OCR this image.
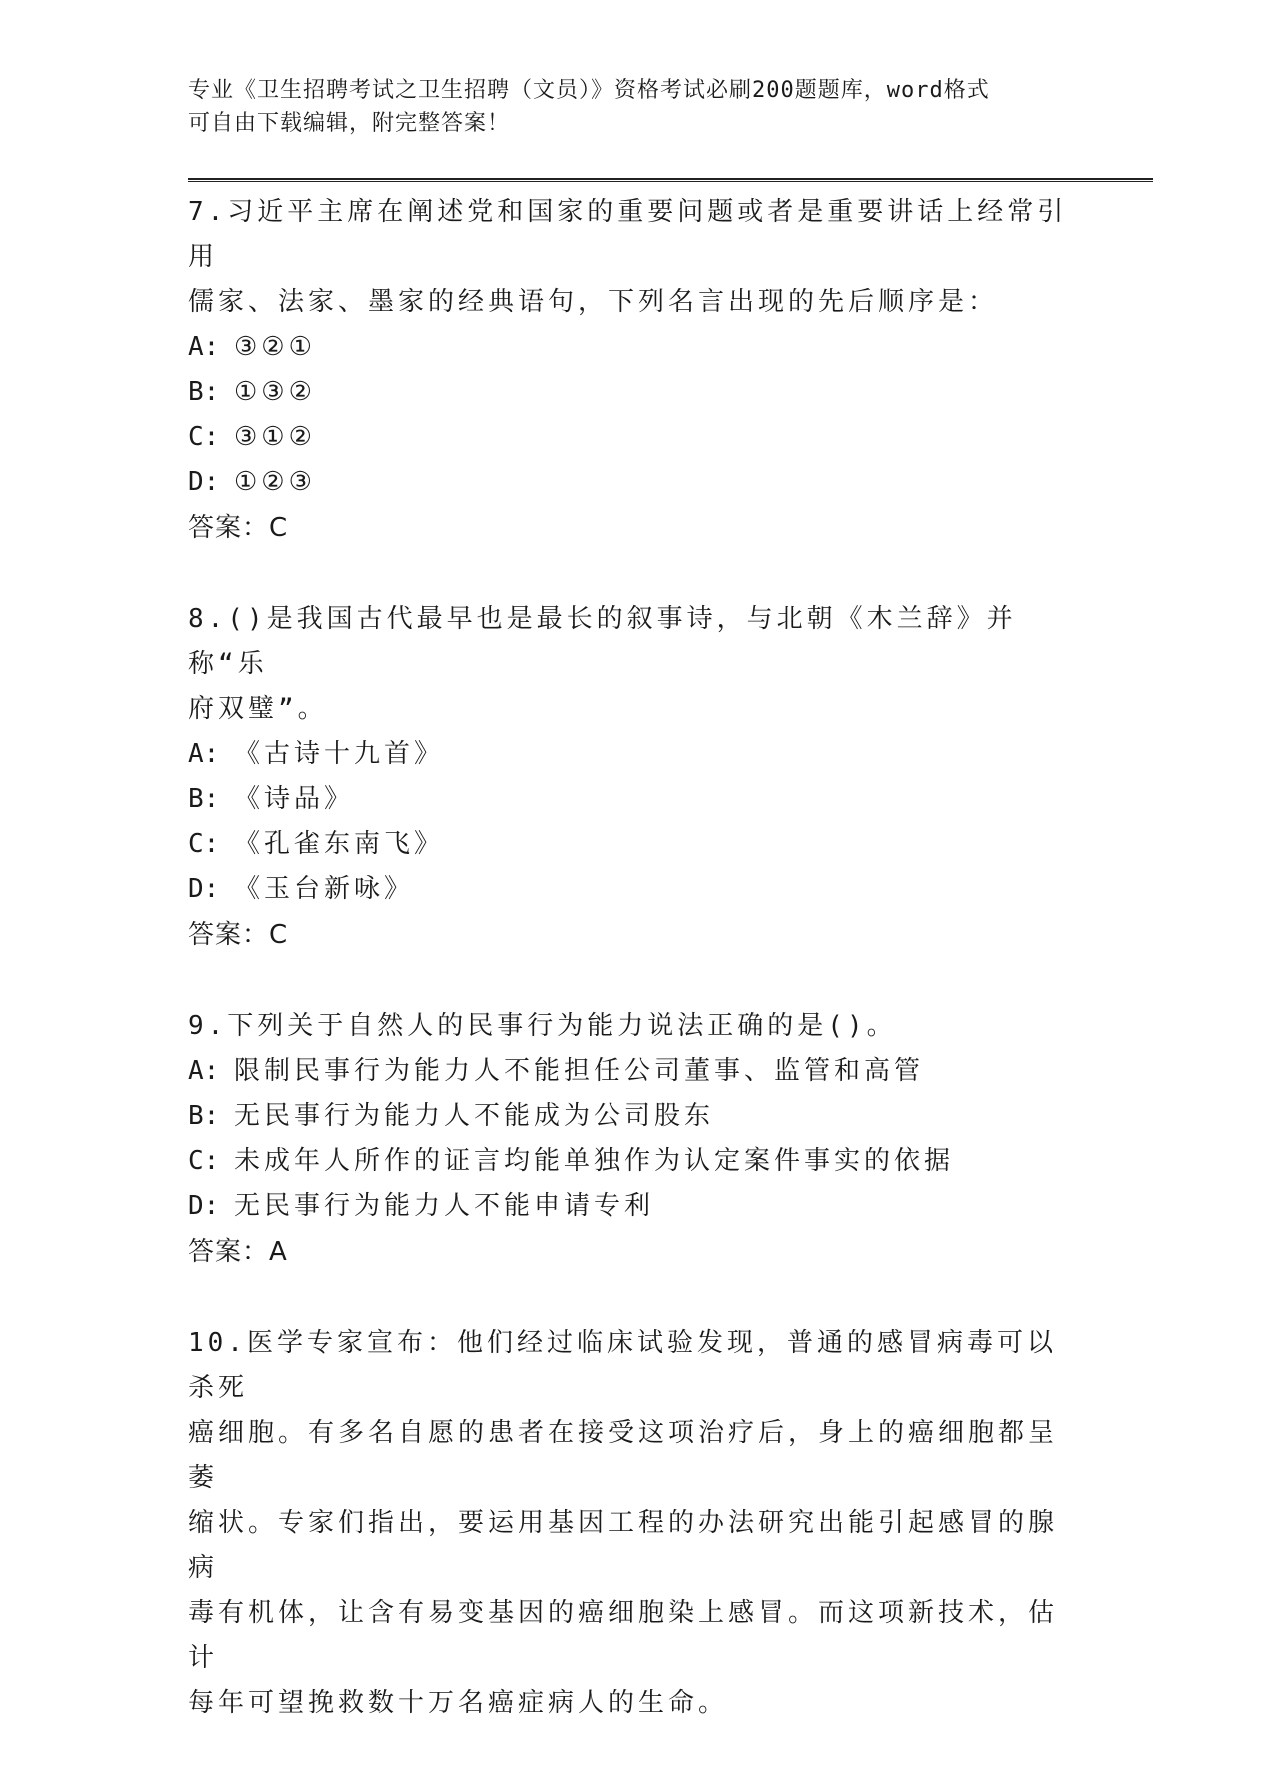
专业《卫生招聘考试之卫生招聘（文员）》资格考试必刷200题题库，word格式
可自由下载编辑，附完整答案！
7.习近平主席在阐述党和国家的重要问题或者是重要讲话上经常引用
儒家、法家、墨家的经典语句，下列名言出现的先后顺序是：
A: ③②①
B: ①③②
C: ③①②
D: ①②③
答案：C
8.()是我国古代最早也是最长的叙事诗，与北朝《木兰辞》并称“乐
府双璧”。
A: 《古诗十九首》
B: 《诗品》
C: 《孔雀东南飞》
D: 《玉台新咏》
答案：C
9.下列关于自然人的民事行为能力说法正确的是()。
A: 限制民事行为能力人不能担任公司董事、监管和高管
B: 无民事行为能力人不能成为公司股东
C: 未成年人所作的证言均能单独作为认定案件事实的依据
D: 无民事行为能力人不能申请专利
答案：A
10.医学专家宣布：他们经过临床试验发现，普通的感冒病毒可以杀死
癌细胞。有多名自愿的患者在接受这项治疗后，身上的癌细胞都呈萎
缩状。专家们指出，要运用基因工程的办法研究出能引起感冒的腺病
毒有机体，让含有易变基因的癌细胞染上感冒。而这项新技术，估计
每年可望挽救数十万名癌症病人的生命。
